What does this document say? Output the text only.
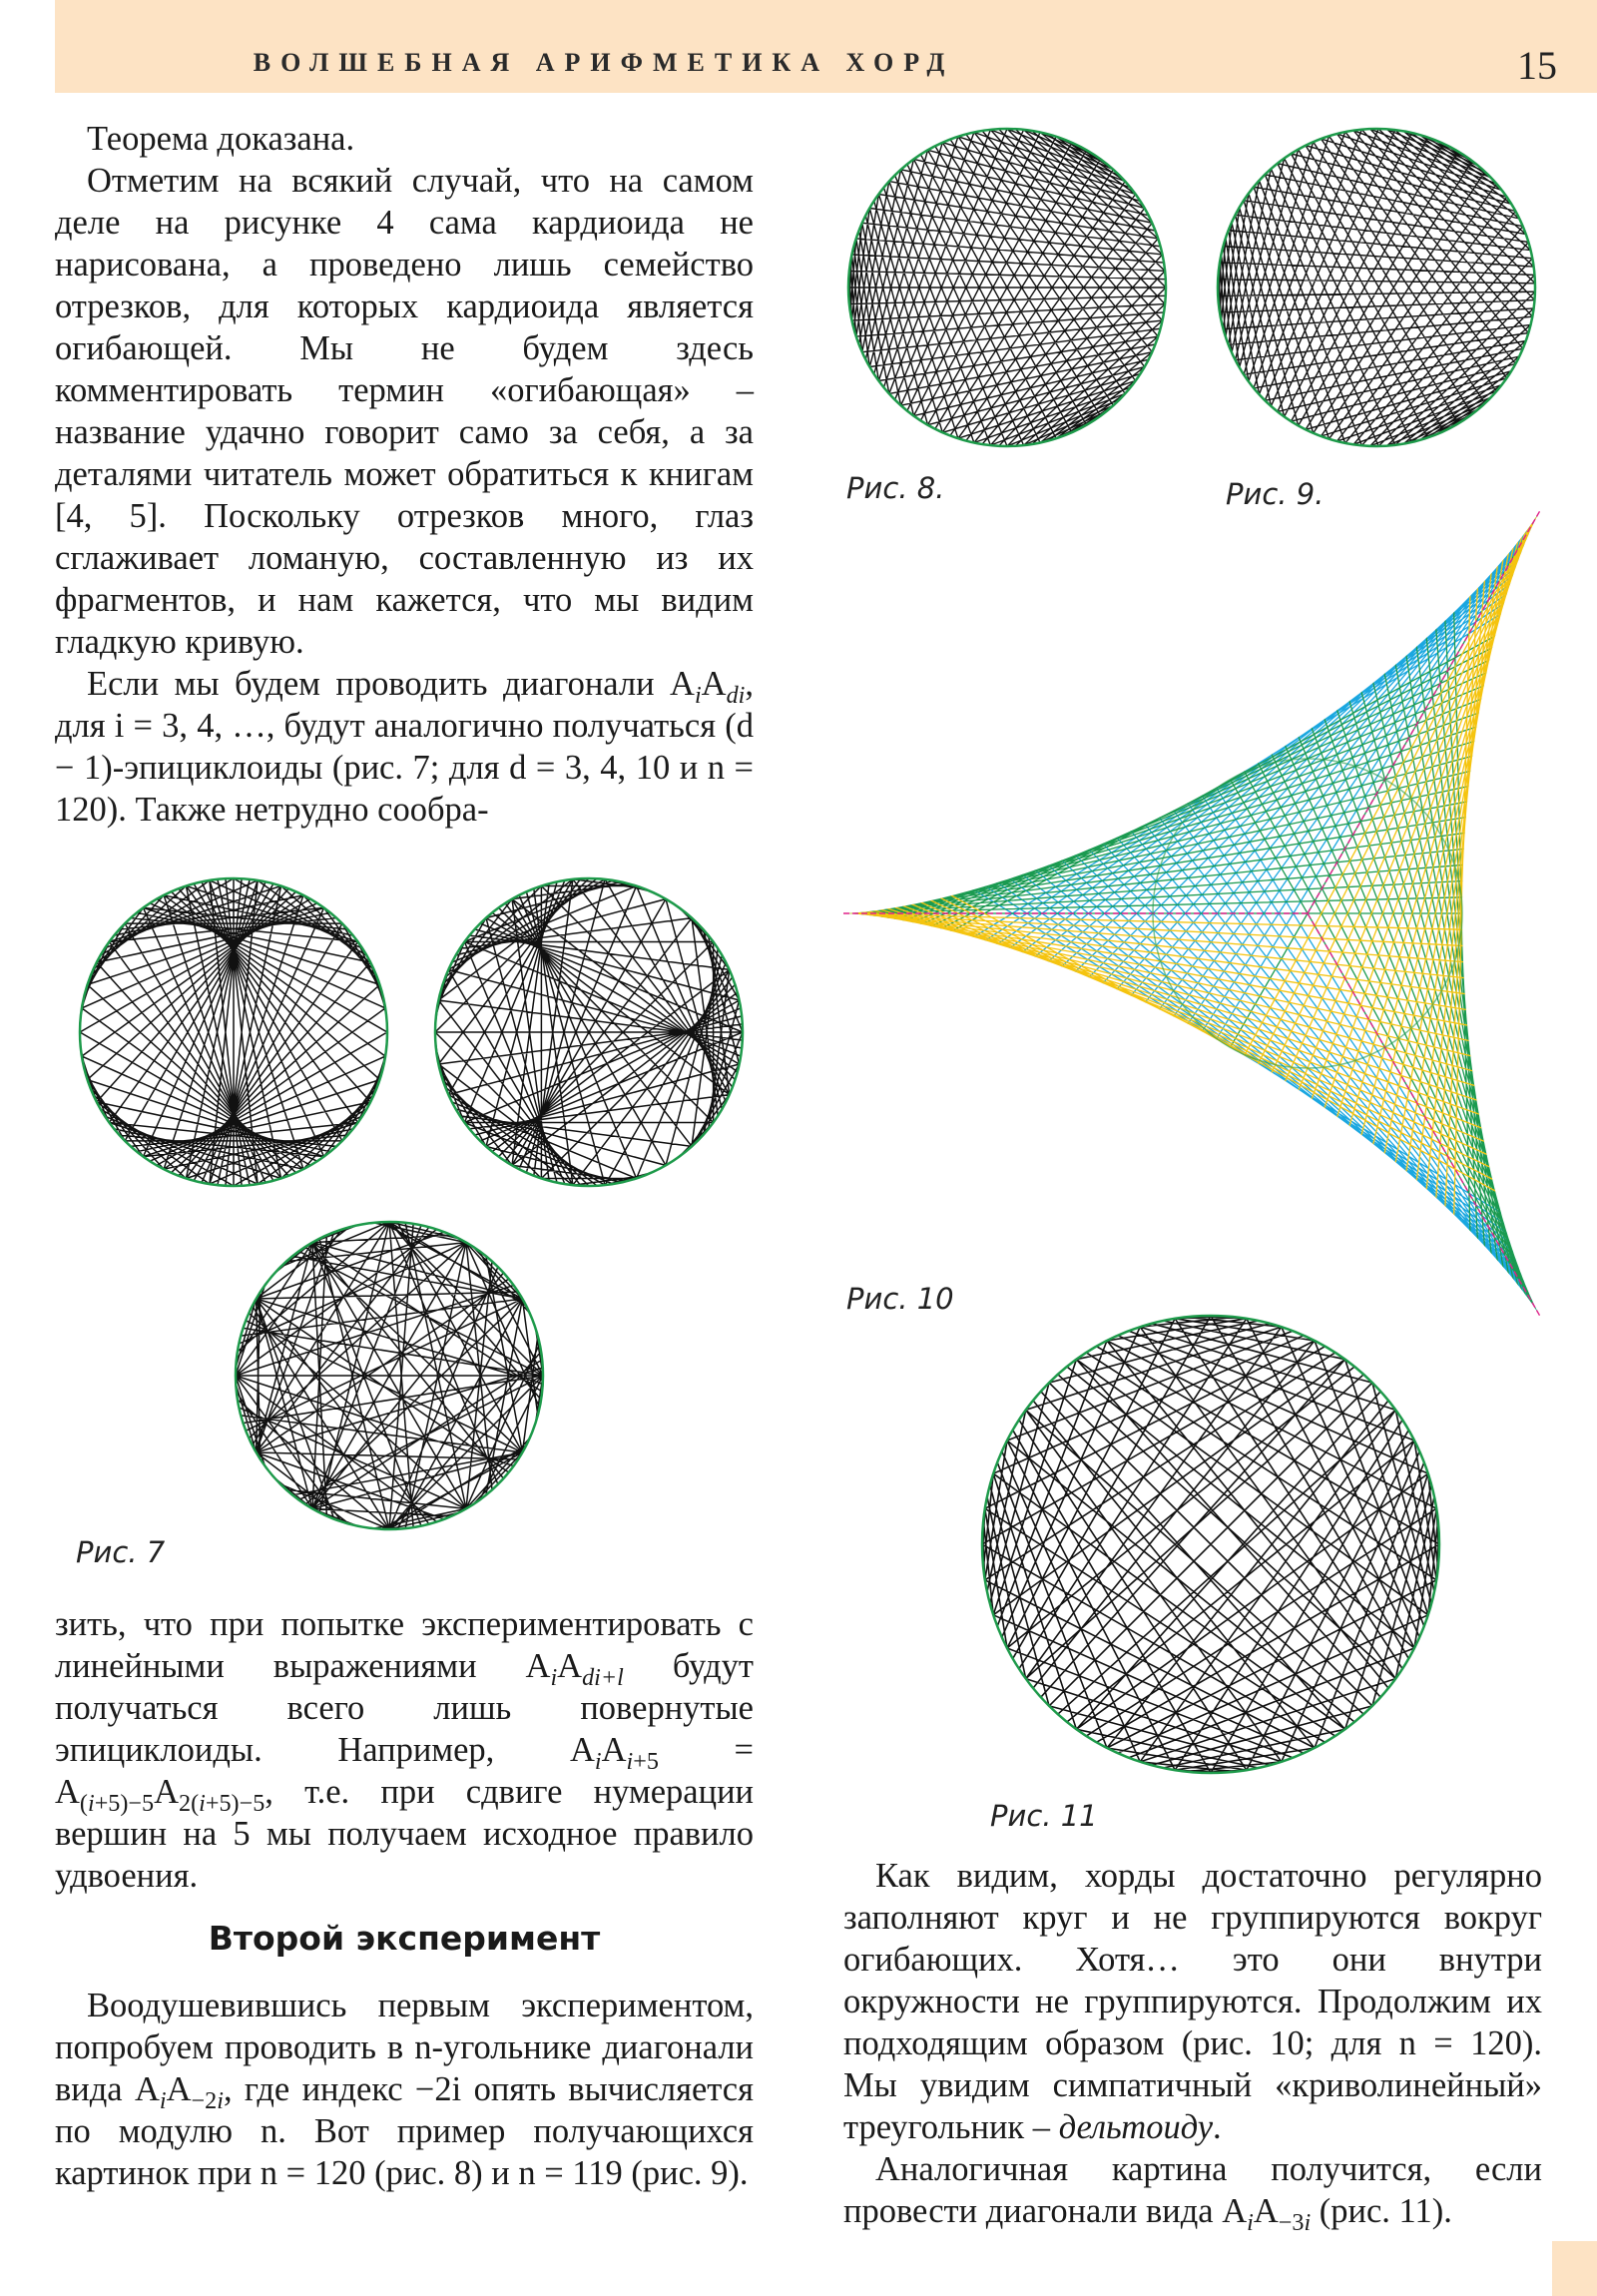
ВОЛШЕБНАЯ АРИФМЕТИКА ХОРД	15

Теорема доказана.

Отметим на всякий случай, что на самом деле на рисунке 4 сама кардиоида не нарисована, а проведено лишь семейство отрезков, для которых кардиоида является огибающей. Мы не будем здесь комментировать термин «огибающая» – название удачно говорит само за себя, а за деталями читатель может обратиться к книгам [4, 5]. Поскольку отрезков много, глаз сглаживает ломаную, составленную из их фрагментов, и нам кажется, что мы видим гладкую кривую.

Если мы будем проводить диагонали $A_iA_{di}$, для i = 3, 4, …, будут аналогично получаться (d − 1)-эпициклоиды (рис. 7; для d = 3, 4, 10 и n = 120). Также нетрудно сообра-

зить, что при попытке экспериментировать с линейными выражениями $A_iA_{di+l}$ будут получаться всего лишь повернутые эпициклоиды. Например, $A_iA_{i+5} = A_{(i+5)-5}A_{2(i+5)-5}$, т.е. при сдвиге нумерации вершин на 5 мы получаем исходное правило удвоения.

Второй эксперимент

Воодушевившись первым экспериментом, попробуем проводить в n-угольнике диагонали вида $A_iA_{-2i}$, где индекс −2i опять вычисляется по модулю n. Вот пример получающихся картинок при n = 120 (рис. 8) и n = 119 (рис. 9).

Как видим, хорды достаточно регулярно заполняют круг и не группируются вокруг огибающих. Хотя… это они внутри окружности не группируются. Продолжим их подходящим образом (рис. 10; для n = 120). Мы увидим симпатичный «криволинейный» треугольник – дельтоиду.

Аналогичная картина получится, если провести диагонали вида $A_iA_{-3i}$ (рис. 11).

Рис. 7
Рис. 8.	Рис. 9.
Рис. 10
Рис. 11
